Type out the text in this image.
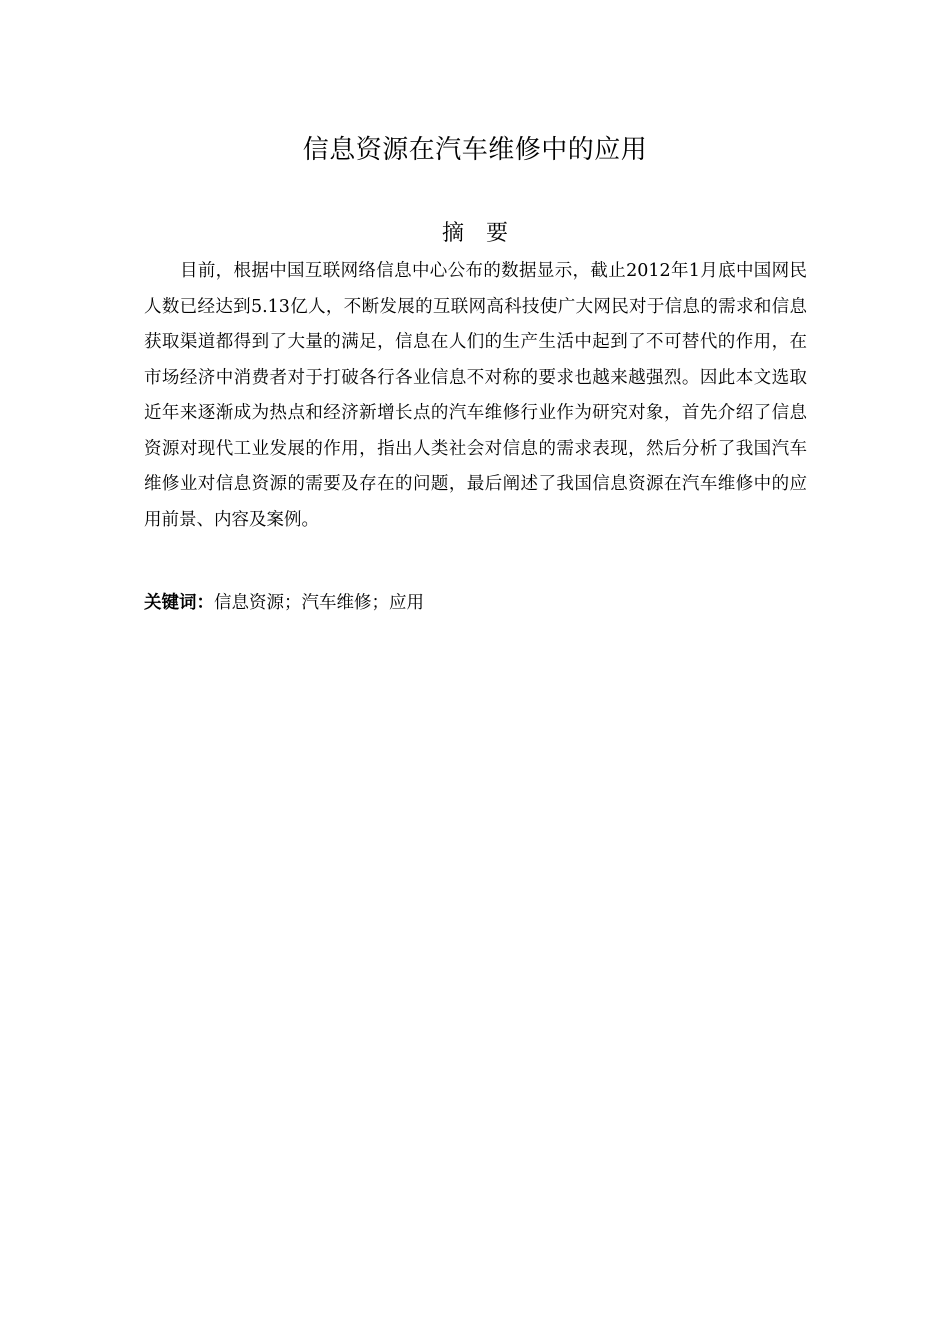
信息资源在汽车维修中的应用
摘要

目前，根据中国互联网络信息中心公布的数据显示，截止2012年1月底中国网民人数已经达到5.13亿人，不断发展的互联网高科技使广大网民对于信息的需求和信息获取渠道都得到了大量的满足，信息在人们的生产生活中起到了不可替代的作用，在市场经济中消费者对于打破各行各业信息不对称的要求也越来越强烈。因此本文选取近年来逐渐成为热点和经济新增长点的汽车维修行业作为研究对象，首先介绍了信息资源对现代工业发展的作用，指出人类社会对信息的需求表现，然后分析了我国汽车维修业对信息资源的需要及存在的问题，最后阐述了我国信息资源在汽车维修中的应用前景、内容及案例。

关键词：信息资源；汽车维修；应用
